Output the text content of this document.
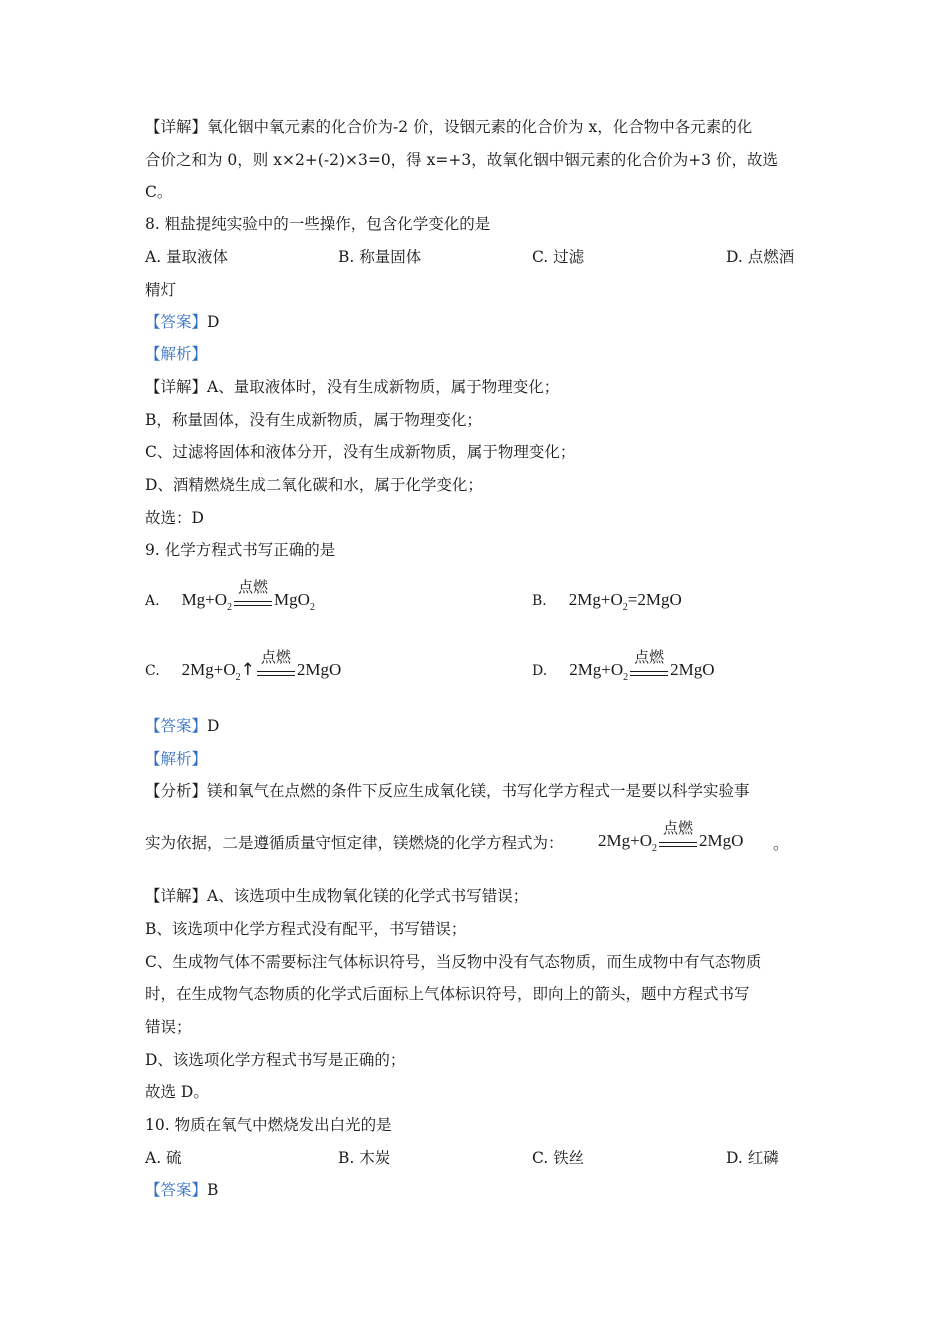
【详解】氧化铟中氧元素的化合价为-2 价，设铟元素的化合价为 x，化合物中各元素的化
合价之和为 0，则 x×2+(-2)×3=0，得 x=+3，故氧化铟中铟元素的化合价为+3 价，故选
C。
8. 粗盐提纯实验中的一些操作，包含化学变化的是
A. 量取液体	B. 称量固体	C. 过滤	D. 点燃酒
精灯
【答案】D
【解析】
【详解】A、量取液体时，没有生成新物质，属于物理变化；
B，称量固体，没有生成新物质，属于物理变化；
C、过滤将固体和液体分开，没有生成新物质，属于物理变化；
D、酒精燃烧生成二氧化碳和水，属于化学变化；
故选：D
9. 化学方程式书写正确的是
A. $Mg+O_2$
点燃
MgO$_2$	B. $2Mg+O_2=2MgO$
C. $2Mg+O_2↑$
点燃
2MgO	D. $2Mg+O_2$
点燃
2MgO
【答案】D
【解析】
【分析】镁和氧气在点燃的条件下反应生成氧化镁，书写化学方程式一是要以科学实验事
实为依据，二是遵循质量守恒定律，镁燃烧的化学方程式为： $2Mg+O_2$
点燃
2MgO 。
【详解】A、该选项中生成物氧化镁的化学式书写错误；
B、该选项中化学方程式没有配平，书写错误；
C、生成物气体不需要标注气体标识符号，当反物中没有气态物质，而生成物中有气态物质
时，在生成物气态物质的化学式后面标上气体标识符号，即向上的箭头，题中方程式书写
错误；
D、该选项化学方程式书写是正确的；
故选 D。
10. 物质在氧气中燃烧发出白光的是
A. 硫	B. 木炭	C. 铁丝	D. 红磷
【答案】B
